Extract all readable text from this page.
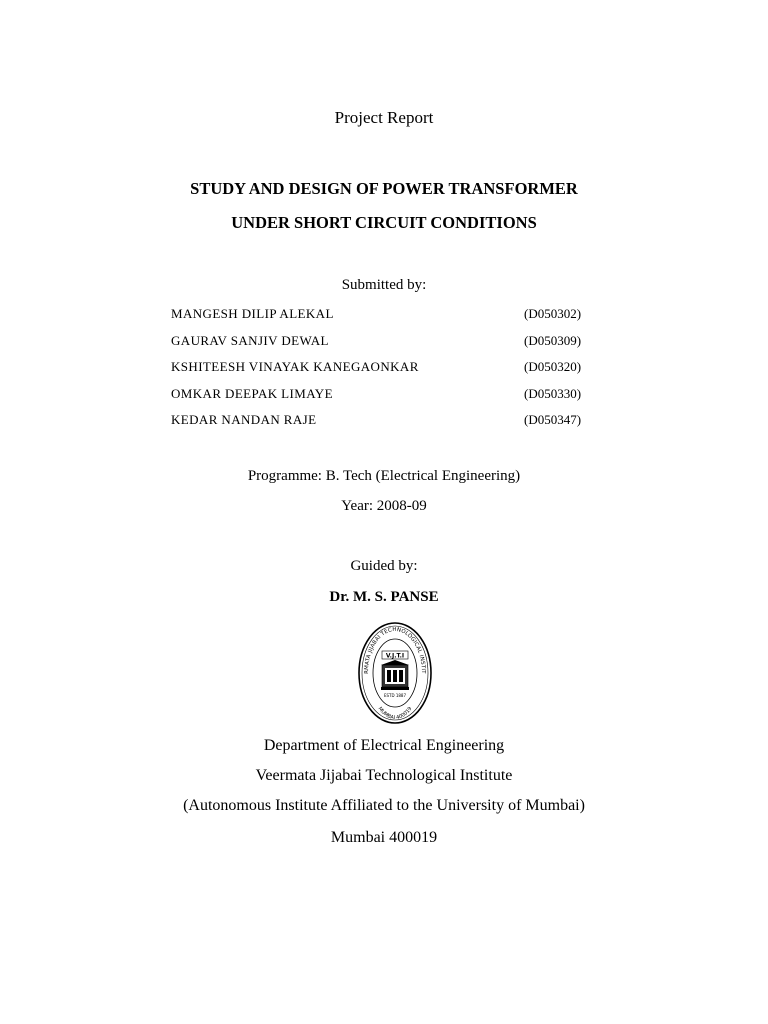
Project Report
STUDY AND DESIGN OF POWER TRANSFORMER
UNDER SHORT CIRCUIT CONDITIONS
Submitted by:
MANGESH DILIP ALEKAL	(D050302)
GAURAV SANJIV DEWAL	(D050309)
KSHITEESH VINAYAK KANEGAONKAR	(D050320)
OMKAR DEEPAK LIMAYE	(D050330)
KEDAR NANDAN RAJE	(D050347)
Programme: B. Tech (Electrical Engineering)
Year: 2008-09
Guided by:
Dr. M. S. PANSE
RMATA JIJABAI TECHNOLOGICAL INSTIT
MUMBAI 400019
V.J.T.I
ESTD 1887
Department of Electrical Engineering
Veermata Jijabai Technological Institute
(Autonomous Institute Affiliated to the University of Mumbai)
Mumbai 400019
